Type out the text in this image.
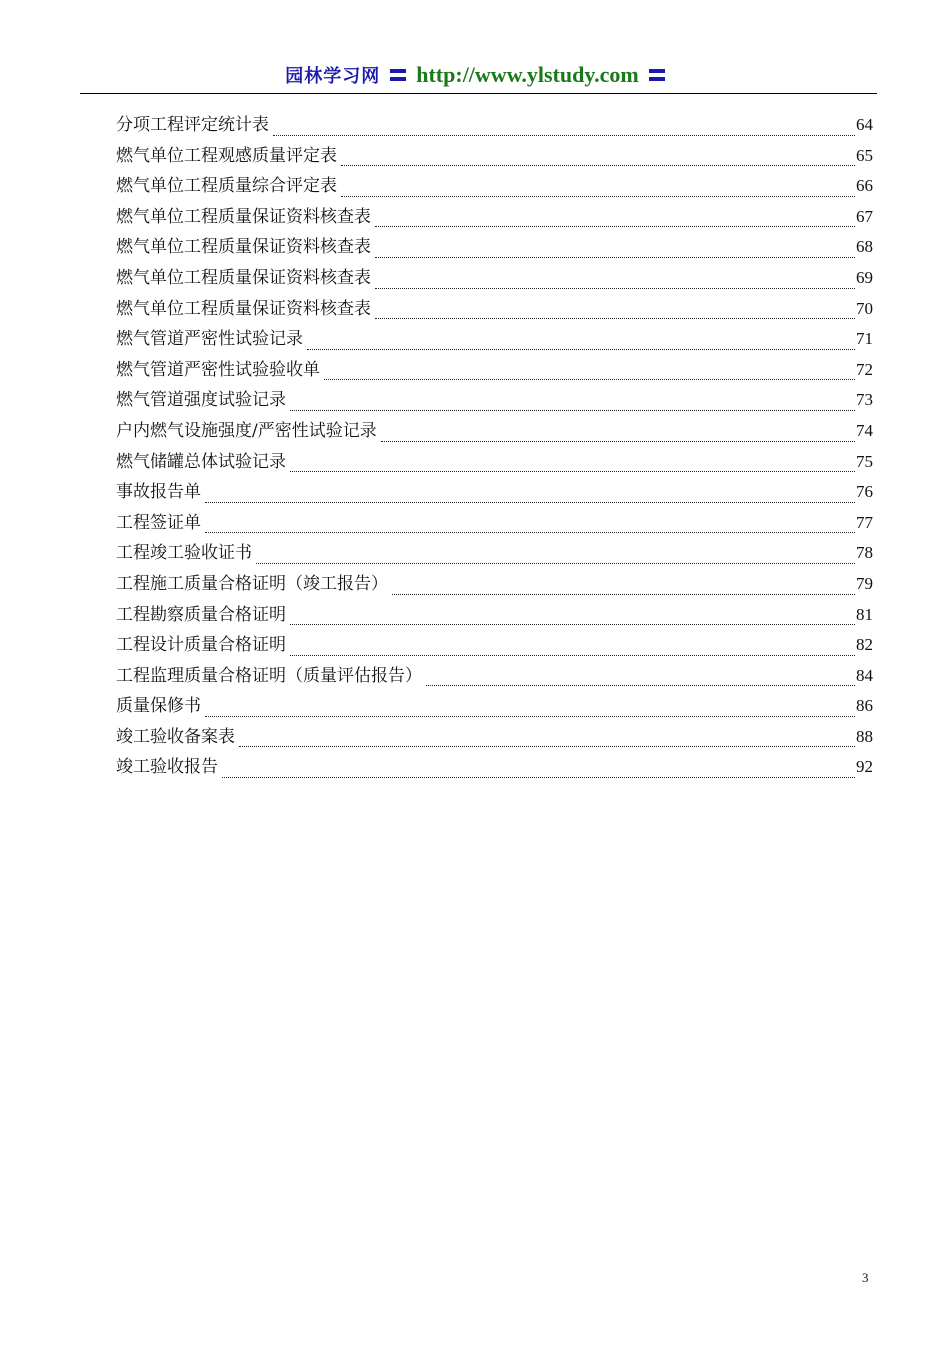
园林学习网 http://www.ylstudy.com
分项工程评定统计表	64
燃气单位工程观感质量评定表	65
燃气单位工程质量综合评定表	66
燃气单位工程质量保证资料核查表	67
燃气单位工程质量保证资料核查表	68
燃气单位工程质量保证资料核查表	69
燃气单位工程质量保证资料核查表	70
燃气管道严密性试验记录	71
燃气管道严密性试验验收单	72
燃气管道强度试验记录	73
户内燃气设施强度/严密性试验记录	74
燃气储罐总体试验记录	75
事故报告单	76
工程签证单	77
工程竣工验收证书	78
工程施工质量合格证明（竣工报告）	79
工程勘察质量合格证明	81
工程设计质量合格证明	82
工程监理质量合格证明（质量评估报告）	84
质量保修书	86
竣工验收备案表	88
竣工验收报告	92
3
